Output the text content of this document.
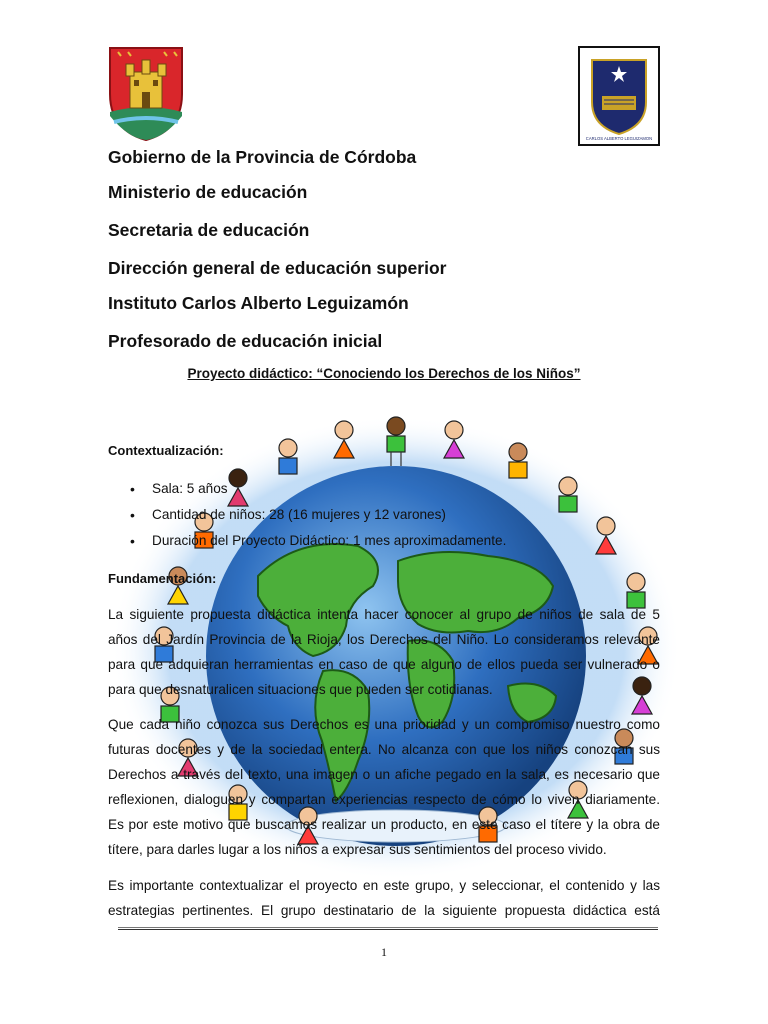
CARLOS ALBERTO LEGUIZAMON
Gobierno de la Provincia de Córdoba
Ministerio de educación
Secretaria de educación
Dirección general de educación superior
Instituto Carlos Alberto Leguizamón
Profesorado de educación inicial
Proyecto didáctico: “Conociendo los Derechos de los Niños”
Contextualización:
• Sala: 5 años
• Cantidad de niños: 28 (16 mujeres y 12 varones)
• Duración del Proyecto Didáctico: 1 mes aproximadamente.
Fundamentación:
La siguiente propuesta didáctica intenta hacer conocer al grupo de niños de sala de 5
años del Jardín Provincia de la Rioja, los Derechos del Niño. Lo consideramos relevante
para que adquieran herramientas en caso de que alguno de ellos pueda ser vulnerado o
para que desnaturalicen situaciones que pueden ser cotidianas.
Que cada niño conozca sus Derechos es una prioridad y un compromiso nuestro como
futuras docentes y de la sociedad entera. No alcanza con que los niños conozcan sus
Derechos a través del texto, una imagen o un afiche pegado en la sala, es necesario que
reflexionen, dialoguen y compartan experiencias respecto de cómo lo viven diariamente.
Es por este motivo que buscamos realizar un producto, en este caso el títere y la obra de
títere, para darles lugar a los niños a expresar sus sentimientos del proceso vivido.
Es importante contextualizar el proyecto en este grupo, y seleccionar, el contenido y las
estrategias pertinentes. El grupo destinatario de la siguiente propuesta didáctica está
1
